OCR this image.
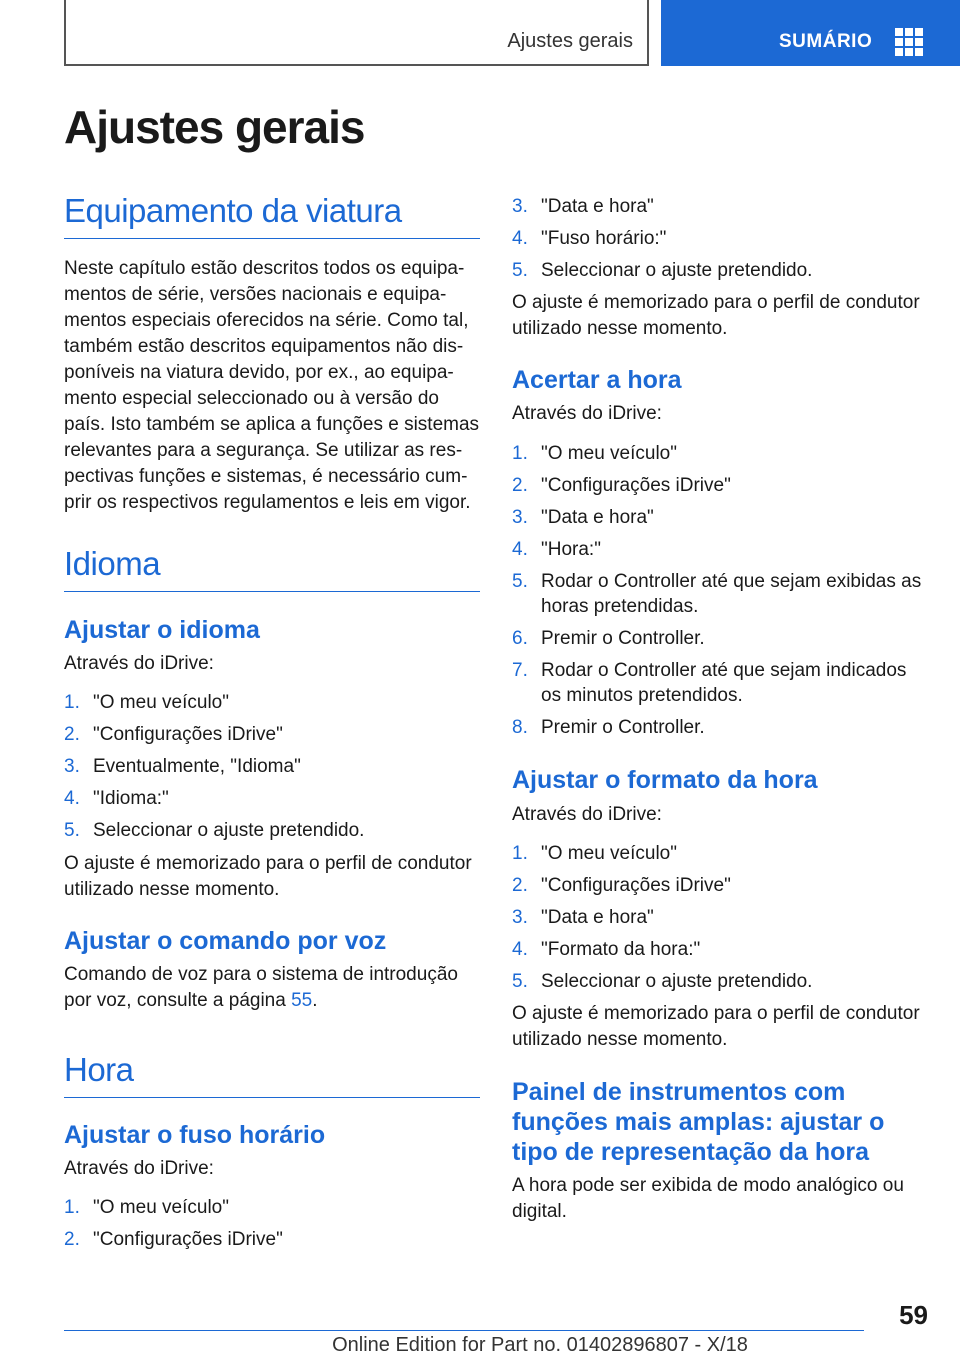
Ajustes gerais	SUMÁRIO
Ajustes gerais
Equipamento da viatura
Neste capítulo estão descritos todos os equipa-mentos de série, versões nacionais e equipa-mentos especiais oferecidos na série. Como tal, também estão descritos equipamentos não dis-poníveis na viatura devido, por ex., ao equipa-mento especial seleccionado ou à versão do país. Isto também se aplica a funções e sistemas relevantes para a segurança. Se utilizar as res-pectivas funções e sistemas, é necessário cum-prir os respectivos regulamentos e leis em vigor.
Idioma
Ajustar o idioma
Através do iDrive:
1. "O meu veículo"
2. "Configurações iDrive"
3. Eventualmente, "Idioma"
4. "Idioma:"
5. Seleccionar o ajuste pretendido.
O ajuste é memorizado para o perfil de condutor utilizado nesse momento.
Ajustar o comando por voz
Comando de voz para o sistema de introdução por voz, consulte a página 55.
Hora
Ajustar o fuso horário
Através do iDrive:
1. "O meu veículo"
2. "Configurações iDrive"
3. "Data e hora"
4. "Fuso horário:"
5. Seleccionar o ajuste pretendido.
O ajuste é memorizado para o perfil de condutor utilizado nesse momento.
Acertar a hora
Através do iDrive:
1. "O meu veículo"
2. "Configurações iDrive"
3. "Data e hora"
4. "Hora:"
5. Rodar o Controller até que sejam exibidas as horas pretendidas.
6. Premir o Controller.
7. Rodar o Controller até que sejam indicados os minutos pretendidos.
8. Premir o Controller.
Ajustar o formato da hora
Através do iDrive:
1. "O meu veículo"
2. "Configurações iDrive"
3. "Data e hora"
4. "Formato da hora:"
5. Seleccionar o ajuste pretendido.
O ajuste é memorizado para o perfil de condutor utilizado nesse momento.
Painel de instrumentos com funções mais amplas: ajustar o tipo de representação da hora
A hora pode ser exibida de modo analógico ou digital.
59
Online Edition for Part no. 01402896807 - X/18
